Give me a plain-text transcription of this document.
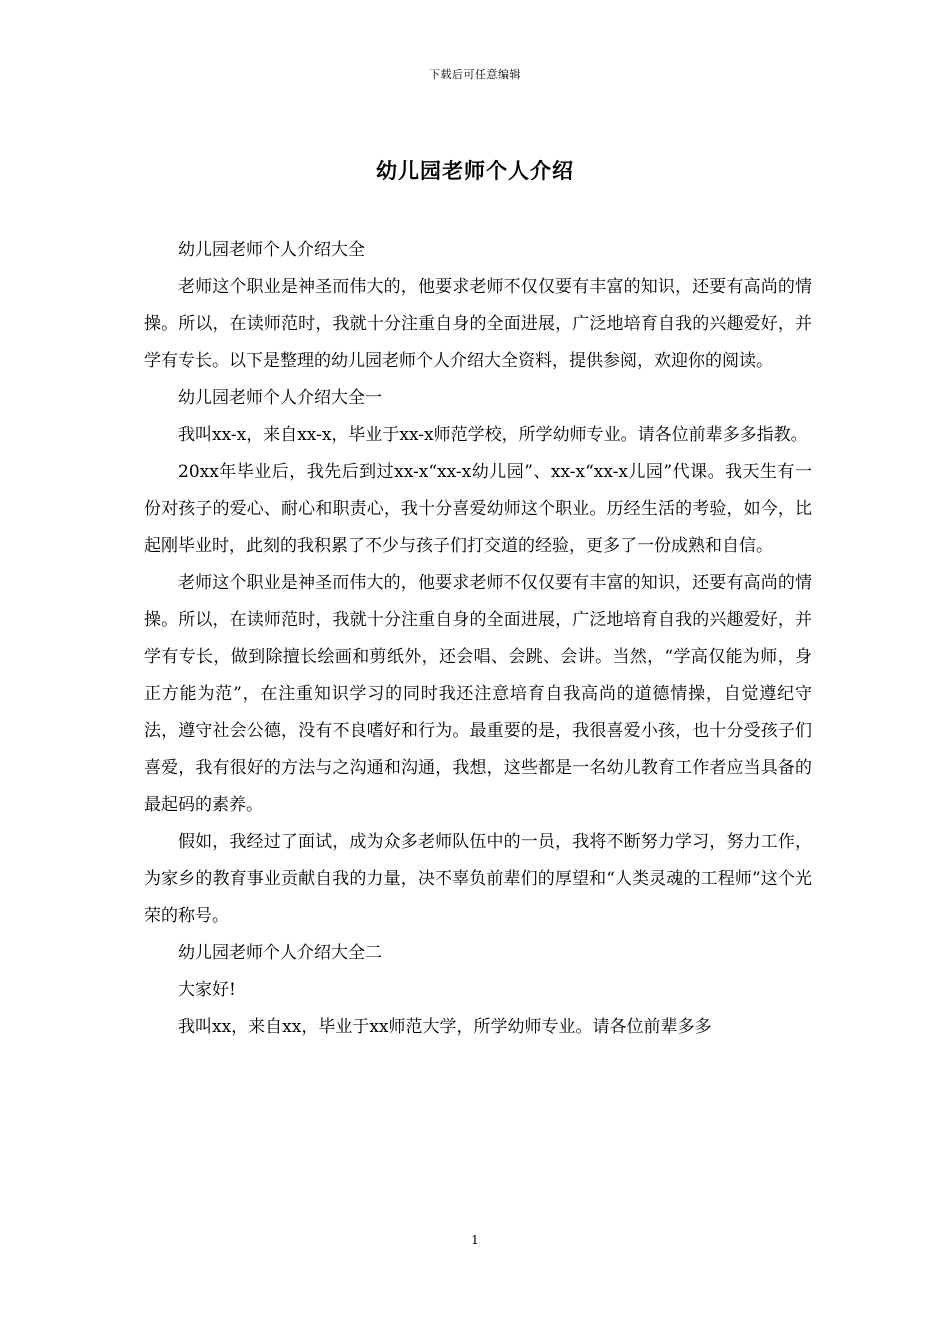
下载后可任意编辑
幼儿园老师个人介绍

幼儿园老师个人介绍大全

老师这个职业是神圣而伟大的，他要求老师不仅仅要有丰富的知识，还要有高尚的情操。所以，在读师范时，我就十分注重自身的全面进展，广泛地培育自我的兴趣爱好，并学有专长。以下是整理的幼儿园老师个人介绍大全资料，提供参阅，欢迎你的阅读。

幼儿园老师个人介绍大全一

我叫xx-x，来自xx-x，毕业于xx-x师范学校，所学幼师专业。请各位前辈多多指教。

20xx年毕业后，我先后到过xx-x“xx-x幼儿园”、xx-x“xx-x儿园”代课。我天生有一份对孩子的爱心、耐心和职责心，我十分喜爱幼师这个职业。历经生活的考验，如今，比起刚毕业时，此刻的我积累了不少与孩子们打交道的经验，更多了一份成熟和自信。

老师这个职业是神圣而伟大的，他要求老师不仅仅要有丰富的知识，还要有高尚的情操。所以，在读师范时，我就十分注重自身的全面进展，广泛地培育自我的兴趣爱好，并学有专长，做到除擅长绘画和剪纸外，还会唱、会跳、会讲。当然，“学高仅能为师，身正方能为范”，在注重知识学习的同时我还注意培育自我高尚的道德情操，自觉遵纪守法，遵守社会公德，没有不良嗜好和行为。最重要的是，我很喜爱小孩，也十分受孩子们喜爱，我有很好的方法与之沟通和沟通，我想，这些都是一名幼儿教育工作者应当具备的最起码的素养。

假如，我经过了面试，成为众多老师队伍中的一员，我将不断努力学习，努力工作，为家乡的教育事业贡献自我的力量，决不辜负前辈们的厚望和“人类灵魂的工程师”这个光荣的称号。

幼儿园老师个人介绍大全二

大家好!

我叫xx，来自xx，毕业于xx师范大学，所学幼师专业。请各位前辈多多

1
